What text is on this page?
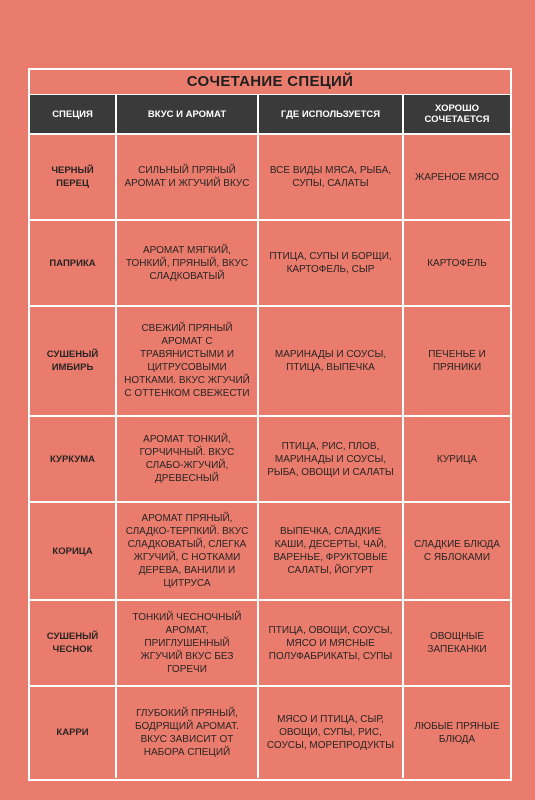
СОЧЕТАНИЕ СПЕЦИЙ
СПЕЦИЯ	ВКУС И АРОМАТ	ГДЕ ИСПОЛЬЗУЕТСЯ	ХОРОШО СОЧЕТАЕТСЯ
ЧЕРНЫЙ ПЕРЕЦ	СИЛЬНЫЙ ПРЯНЫЙ АРОМАТ И ЖГУЧИЙ ВКУС	ВСЕ ВИДЫ МЯСА, РЫБА, СУПЫ, САЛАТЫ	ЖАРЕНОЕ МЯСО
ПАПРИКА	АРОМАТ МЯГКИЙ, ТОНКИЙ, ПРЯНЫЙ, ВКУС СЛАДКОВАТЫЙ	ПТИЦА, СУПЫ И БОРЩИ, КАРТОФЕЛЬ, СЫР	КАРТОФЕЛЬ
СУШЕНЫЙ ИМБИРЬ	СВЕЖИЙ ПРЯНЫЙ АРОМАТ С ТРАВЯНИСТЫМИ И ЦИТРУСОВЫМИ НОТКАМИ. ВКУС ЖГУЧИЙ С ОТТЕНКОМ СВЕЖЕСТИ	МАРИНАДЫ И СОУСЫ, ПТИЦА, ВЫПЕЧКА	ПЕЧЕНЬЕ И ПРЯНИКИ
КУРКУМА	АРОМАТ ТОНКИЙ, ГОРЧИЧНЫЙ. ВКУС СЛАБО-ЖГУЧИЙ, ДРЕВЕСНЫЙ	ПТИЦА, РИС, ПЛОВ, МАРИНАДЫ И СОУСЫ, РЫБА, ОВОЩИ И САЛАТЫ	КУРИЦА
КОРИЦА	АРОМАТ ПРЯНЫЙ, СЛАДКО-ТЕРПКИЙ. ВКУС СЛАДКОВАТЫЙ, СЛЕГКА ЖГУЧИЙ, С НОТКАМИ ДЕРЕВА, ВАНИЛИ И ЦИТРУСА	ВЫПЕЧКА, СЛАДКИЕ КАШИ, ДЕСЕРТЫ, ЧАЙ, ВАРЕНЬЕ, ФРУКТОВЫЕ САЛАТЫ, ЙОГУРТ	СЛАДКИЕ БЛЮДА С ЯБЛОКАМИ
СУШЕНЫЙ ЧЕСНОК	ТОНКИЙ ЧЕСНОЧНЫЙ АРОМАТ, ПРИГЛУШЕННЫЙ ЖГУЧИЙ ВКУС БЕЗ ГОРЕЧИ	ПТИЦА, ОВОЩИ, СОУСЫ, МЯСО И МЯСНЫЕ ПОЛУФАБРИКАТЫ, СУПЫ	ОВОЩНЫЕ ЗАПЕКАНКИ
КАРРИ	ГЛУБОКИЙ ПРЯНЫЙ, БОДРЯЩИЙ АРОМАТ. ВКУС ЗАВИСИТ ОТ НАБОРА СПЕЦИЙ	МЯСО И ПТИЦА, СЫР, ОВОЩИ, СУПЫ, РИС, СОУСЫ, МОРЕПРОДУКТЫ	ЛЮБЫЕ ПРЯНЫЕ БЛЮДА
